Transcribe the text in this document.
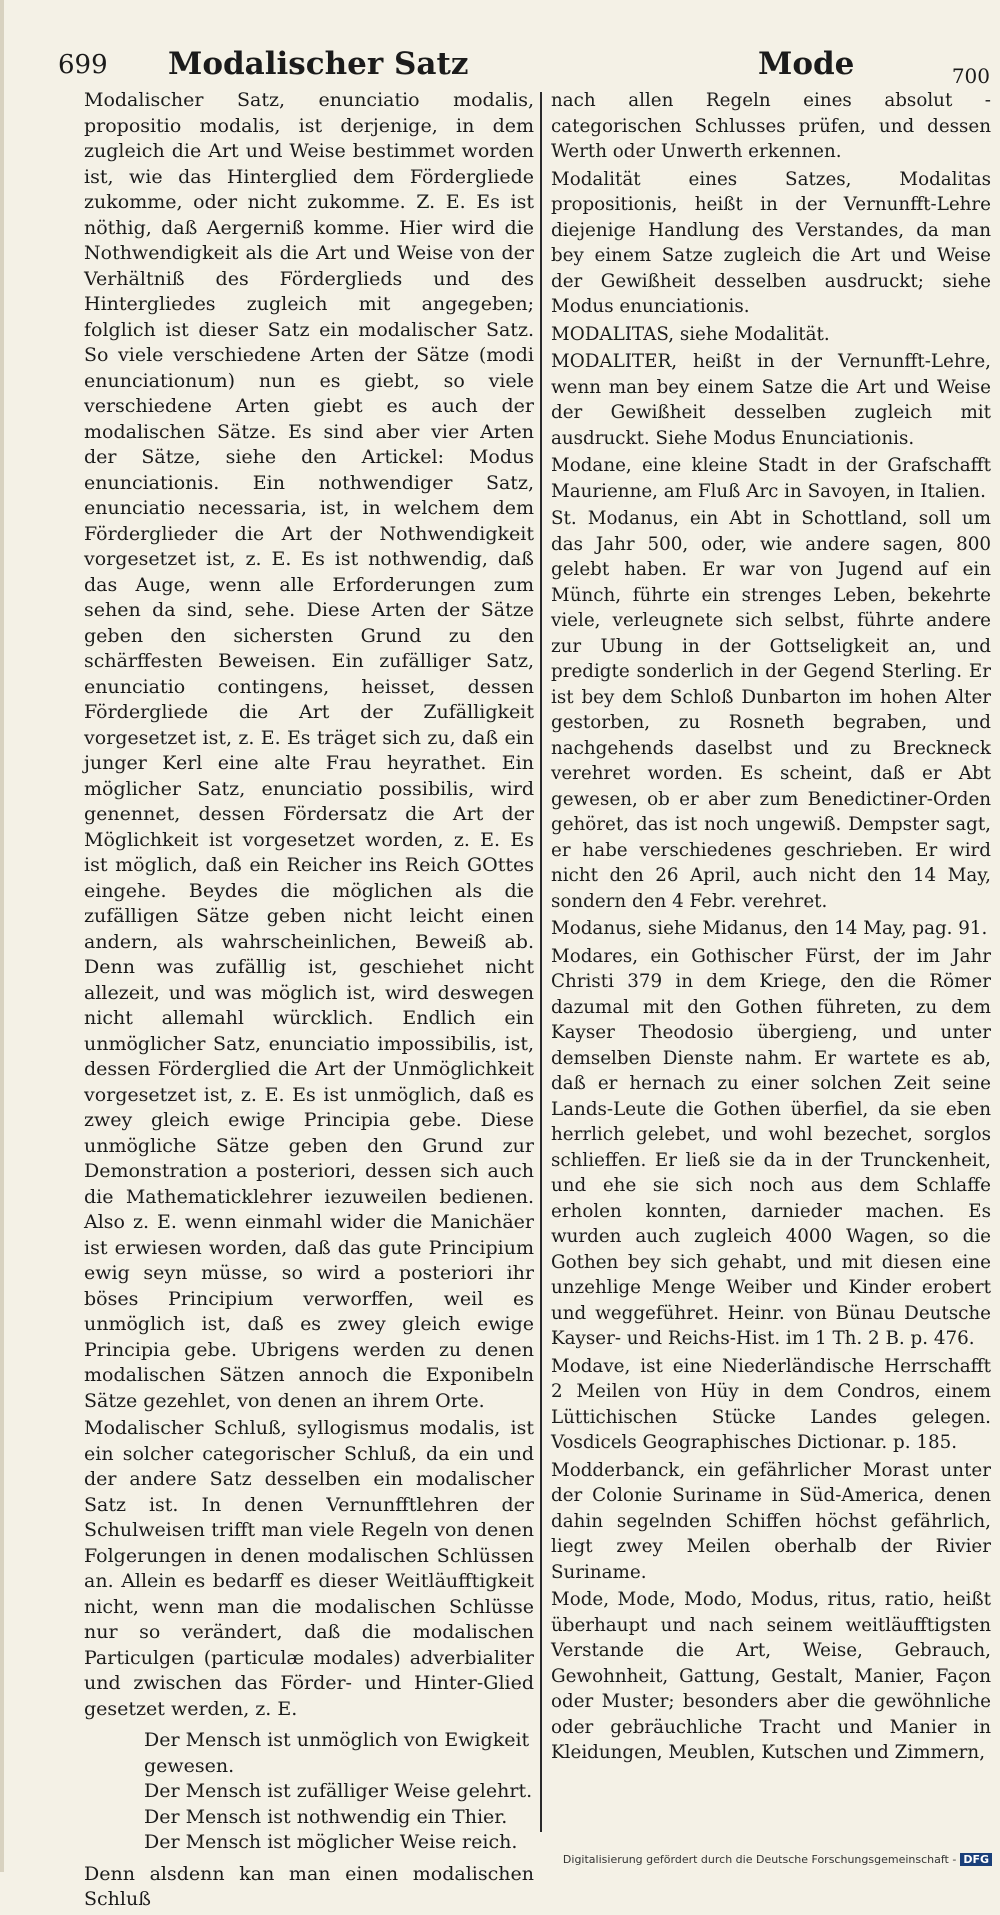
699 Modalischer Satz	Mode	700

Modalischer Satz, enunciatio modalis, propositio modalis, ist derjenige, in dem zugleich die Art und Weise bestimmet worden ist, wie das Hinterglied dem Fördergliede zukomme, oder nicht zukomme. Z. E. Es ist nöthig, daß Aergerniß komme. Hier wird die Nothwendigkeit als die Art und Weise von der Verhältniß des Förderglieds und des Hintergliedes zugleich mit angegeben; folglich ist dieser Satz ein modalischer Satz. So viele verschiedene Arten der Sätze (modi enunciationum) nun es giebt, so viele verschiedene Arten giebt es auch der modalischen Sätze. Es sind aber vier Arten der Sätze, siehe den Artickel: Modus enunciationis. Ein nothwendiger Satz, enunciatio necessaria, ist, in welchem dem Förderglieder die Art der Nothwendigkeit vorgesetzet ist, z. E. Es ist nothwendig, daß das Auge, wenn alle Erforderungen zum sehen da sind, sehe. Diese Arten der Sätze geben den sichersten Grund zu den schärffesten Beweisen. Ein zufälliger Satz, enunciatio contingens, heisset, dessen Fördergliede die Art der Zufälligkeit vorgesetzet ist, z. E. Es träget sich zu, daß ein junger Kerl eine alte Frau heyrathet. Ein möglicher Satz, enunciatio possibilis, wird genennet, dessen Fördersatz die Art der Möglichkeit ist vorgesetzet worden, z. E. Es ist möglich, daß ein Reicher ins Reich GOttes eingehe. Beydes die möglichen als die zufälligen Sätze geben nicht leicht einen andern, als wahrscheinlichen, Beweiß ab. Denn was zufällig ist, geschiehet nicht allezeit, und was möglich ist, wird deswegen nicht allemahl würcklich. Endlich ein unmöglicher Satz, enunciatio impossibilis, ist, dessen Förderglied die Art der Unmöglichkeit vorgesetzet ist, z. E. Es ist unmöglich, daß es zwey gleich ewige Principia gebe. Diese unmögliche Sätze geben den Grund zur Demonstration a posteriori, dessen sich auch die Mathematicklehrer iezuweilen bedienen. Also z. E. wenn einmahl wider die Manichäer ist erwiesen worden, daß das gute Principium ewig seyn müsse, so wird a posteriori ihr böses Principium verworffen, weil es unmöglich ist, daß es zwey gleich ewige Principia gebe. Ubrigens werden zu denen modalischen Sätzen annoch die Exponibeln Sätze gezehlet, von denen an ihrem Orte.

Modalischer Schluß, syllogismus modalis, ist ein solcher categorischer Schluß, da ein und der andere Satz desselben ein modalischer Satz ist. In denen Vernunfftlehren der Schulweisen trifft man viele Regeln von denen Folgerungen in denen modalischen Schlüssen an. Allein es bedarff es dieser Weitläufftigkeit nicht, wenn man die modalischen Schlüsse nur so verändert, daß die modalischen Particulgen (particulæ modales) adverbialiter und zwischen das Förder- und Hinter-Glied gesetzet werden, z. E.

Der Mensch ist unmöglich von Ewigkeit gewesen.
Der Mensch ist zufälliger Weise gelehrt.
Der Mensch ist nothwendig ein Thier.
Der Mensch ist möglicher Weise reich.

Denn alsdenn kan man einen modalischen Schluß

nach allen Regeln eines absolut - categorischen Schlusses prüfen, und dessen Werth oder Unwerth erkennen.

Modalität eines Satzes, Modalitas propositionis, heißt in der Vernunfft-Lehre diejenige Handlung des Verstandes, da man bey einem Satze zugleich die Art und Weise der Gewißheit desselben ausdruckt; siehe Modus enunciationis.

MODALITAS, siehe Modalität.

MODALITER, heißt in der Vernunfft-Lehre, wenn man bey einem Satze die Art und Weise der Gewißheit desselben zugleich mit ausdruckt. Siehe Modus Enunciationis.

Modane, eine kleine Stadt in der Grafschafft Maurienne, am Fluß Arc in Savoyen, in Italien.

St. Modanus, ein Abt in Schottland, soll um das Jahr 500, oder, wie andere sagen, 800 gelebt haben. Er war von Jugend auf ein Münch, führte ein strenges Leben, bekehrte viele, verleugnete sich selbst, führte andere zur Ubung in der Gottseligkeit an, und predigte sonderlich in der Gegend Sterling. Er ist bey dem Schloß Dunbarton im hohen Alter gestorben, zu Rosneth begraben, und nachgehends daselbst und zu Breckneck verehret worden. Es scheint, daß er Abt gewesen, ob er aber zum Benedictiner-Orden gehöret, das ist noch ungewiß. Dempster sagt, er habe verschiedenes geschrieben. Er wird nicht den 26 April, auch nicht den 14 May, sondern den 4 Febr. verehret.

Modanus, siehe Midanus, den 14 May, pag. 91.

Modares, ein Gothischer Fürst, der im Jahr Christi 379 in dem Kriege, den die Römer dazumal mit den Gothen führeten, zu dem Kayser Theodosio übergieng, und unter demselben Dienste nahm. Er wartete es ab, daß er hernach zu einer solchen Zeit seine Lands-Leute die Gothen überfiel, da sie eben herrlich gelebet, und wohl bezechet, sorglos schlieffen. Er ließ sie da in der Trunckenheit, und ehe sie sich noch aus dem Schlaffe erholen konnten, darnieder machen. Es wurden auch zugleich 4000 Wagen, so die Gothen bey sich gehabt, und mit diesen eine unzehlige Menge Weiber und Kinder erobert und weggeführet. Heinr. von Bünau Deutsche Kayser- und Reichs-Hist. im 1 Th. 2 B. p. 476.

Modave, ist eine Niederländische Herrschafft 2 Meilen von Hüy in dem Condros, einem Lüttichischen Stücke Landes gelegen. Vosdicels Geographisches Dictionar. p. 185.

Modderbanck, ein gefährlicher Morast unter der Colonie Suriname in Süd-America, denen dahin segelnden Schiffen höchst gefährlich, liegt zwey Meilen oberhalb der Rivier Suriname.

Mode, Mode, Modo, Modus, ritus, ratio, heißt überhaupt und nach seinem weitläufftigsten Verstande die Art, Weise, Gebrauch, Gewohnheit, Gattung, Gestalt, Manier, Façon oder Muster; besonders aber die gewöhnliche oder gebräuchliche Tracht und Manier in Kleidungen, Meublen, Kutschen und Zimmern,

Digitalisierung gefördert durch die Deutsche Forschungsgemeinschaft - DFG
